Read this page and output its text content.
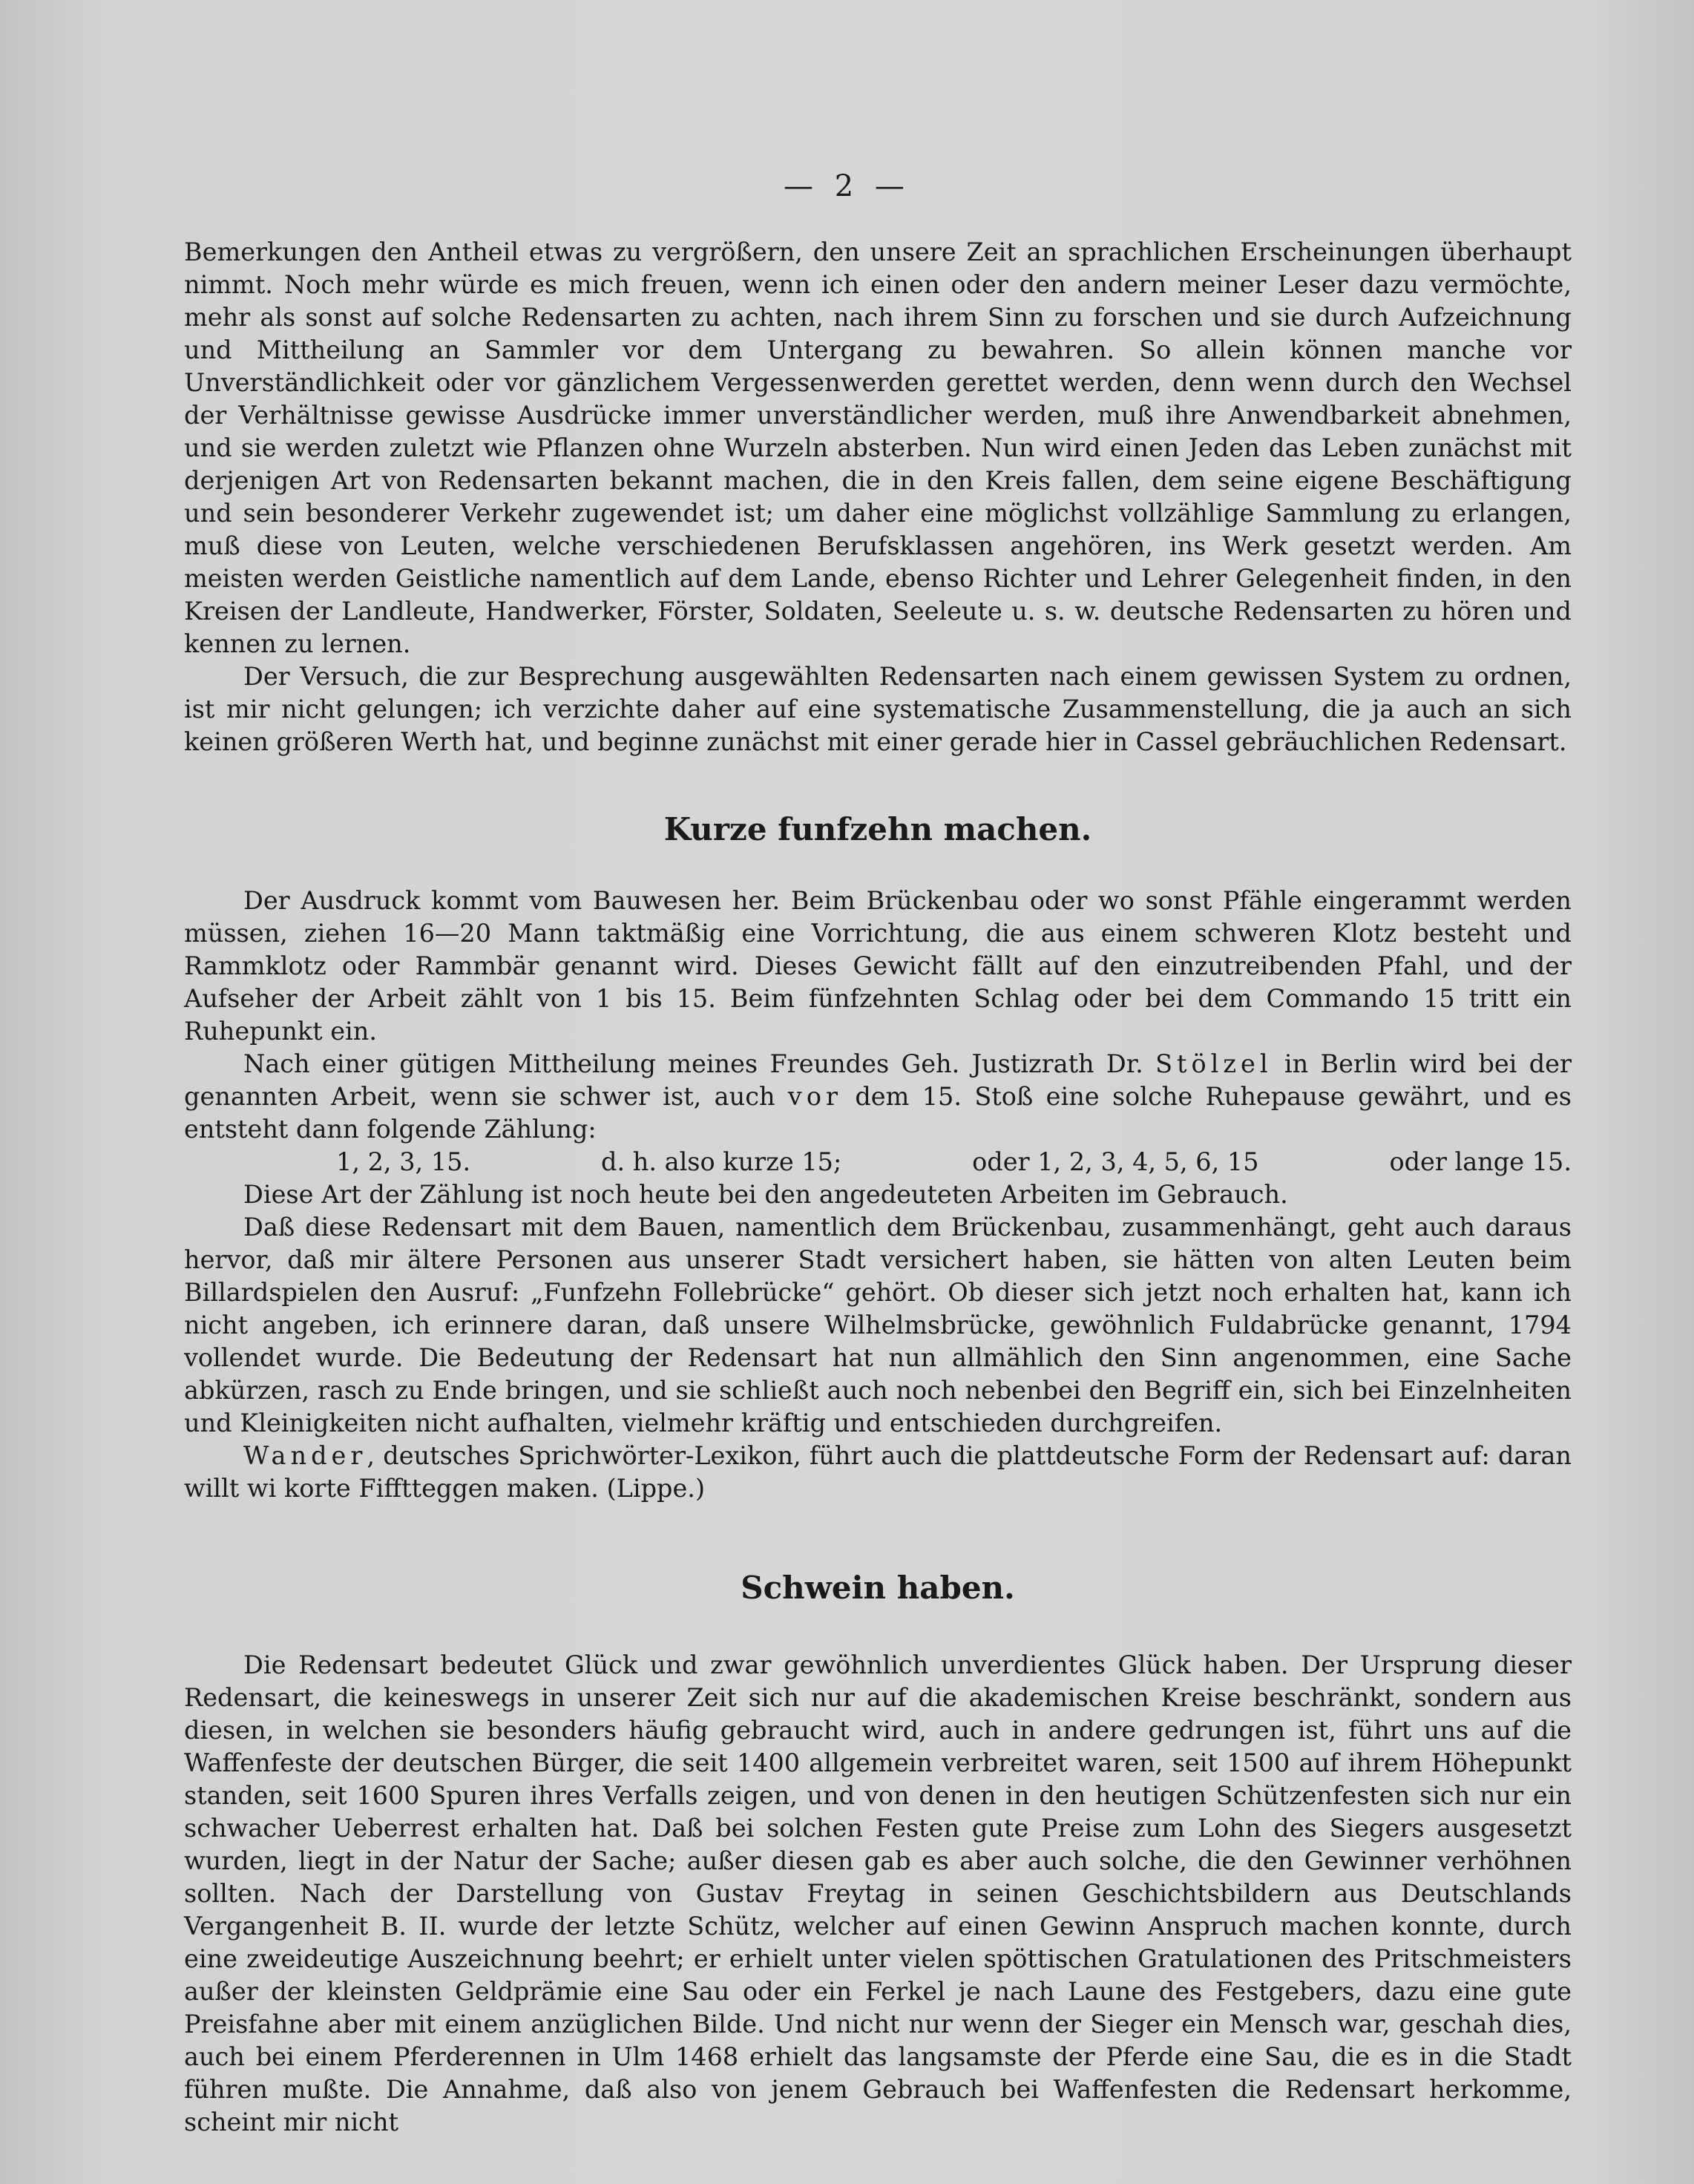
— 2 —

Bemerkungen den Antheil etwas zu vergrößern, den unsere Zeit an sprachlichen Erscheinungen überhaupt nimmt. Noch mehr würde es mich freuen, wenn ich einen oder den andern meiner Leser dazu vermöchte, mehr als sonst auf solche Redensarten zu achten, nach ihrem Sinn zu forschen und sie durch Aufzeichnung und Mittheilung an Sammler vor dem Untergang zu bewahren. So allein können manche vor Unverständlichkeit oder vor gänzlichem Vergessenwerden gerettet werden, denn wenn durch den Wechsel der Verhältnisse gewisse Ausdrücke immer unverständlicher werden, muß ihre Anwendbarkeit abnehmen, und sie werden zuletzt wie Pflanzen ohne Wurzeln absterben. Nun wird einen Jeden das Leben zunächst mit derjenigen Art von Redensarten bekannt machen, die in den Kreis fallen, dem seine eigene Beschäftigung und sein besonderer Verkehr zugewendet ist; um daher eine möglichst vollzählige Sammlung zu erlangen, muß diese von Leuten, welche verschiedenen Berufsklassen angehören, ins Werk gesetzt werden. Am meisten werden Geistliche namentlich auf dem Lande, ebenso Richter und Lehrer Gelegenheit finden, in den Kreisen der Landleute, Handwerker, Förster, Soldaten, Seeleute u. s. w. deutsche Redensarten zu hören und kennen zu lernen.

Der Versuch, die zur Besprechung ausgewählten Redensarten nach einem gewissen System zu ordnen, ist mir nicht gelungen; ich verzichte daher auf eine systematische Zusammenstellung, die ja auch an sich keinen größeren Werth hat, und beginne zunächst mit einer gerade hier in Cassel gebräuchlichen Redensart.

Kurze funfzehn machen.

Der Ausdruck kommt vom Bauwesen her. Beim Brückenbau oder wo sonst Pfähle eingerammt werden müssen, ziehen 16—20 Mann taktmäßig eine Vorrichtung, die aus einem schweren Klotz besteht und Rammklotz oder Rammbär genannt wird. Dieses Gewicht fällt auf den einzutreibenden Pfahl, und der Aufseher der Arbeit zählt von 1 bis 15. Beim fünfzehnten Schlag oder bei dem Commando 15 tritt ein Ruhepunkt ein.

Nach einer gütigen Mittheilung meines Freundes Geh. Justizrath Dr. Stölzel in Berlin wird bei der genannten Arbeit, wenn sie schwer ist, auch vor dem 15. Stoß eine solche Ruhepause gewährt, und es entsteht dann folgende Zählung:

1, 2, 3, 15.	d. h. also kurze 15;	oder 1, 2, 3, 4, 5, 6, 15	oder lange 15.

Diese Art der Zählung ist noch heute bei den angedeuteten Arbeiten im Gebrauch.

Daß diese Redensart mit dem Bauen, namentlich dem Brückenbau, zusammenhängt, geht auch daraus hervor, daß mir ältere Personen aus unserer Stadt versichert haben, sie hätten von alten Leuten beim Billardspielen den Ausruf: „Funfzehn Follebrücke“ gehört. Ob dieser sich jetzt noch erhalten hat, kann ich nicht angeben, ich erinnere daran, daß unsere Wilhelmsbrücke, gewöhnlich Fuldabrücke genannt, 1794 vollendet wurde. Die Bedeutung der Redensart hat nun allmählich den Sinn angenommen, eine Sache abkürzen, rasch zu Ende bringen, und sie schließt auch noch nebenbei den Begriff ein, sich bei Einzelnheiten und Kleinigkeiten nicht aufhalten, vielmehr kräftig und entschieden durchgreifen.

Wander, deutsches Sprichwörter-Lexikon, führt auch die plattdeutsche Form der Redensart auf: daran willt wi korte Fifftteggen maken. (Lippe.)

Schwein haben.

Die Redensart bedeutet Glück und zwar gewöhnlich unverdientes Glück haben. Der Ursprung dieser Redensart, die keineswegs in unserer Zeit sich nur auf die akademischen Kreise beschränkt, sondern aus diesen, in welchen sie besonders häufig gebraucht wird, auch in andere gedrungen ist, führt uns auf die Waffenfeste der deutschen Bürger, die seit 1400 allgemein verbreitet waren, seit 1500 auf ihrem Höhepunkt standen, seit 1600 Spuren ihres Verfalls zeigen, und von denen in den heutigen Schützenfesten sich nur ein schwacher Ueberrest erhalten hat. Daß bei solchen Festen gute Preise zum Lohn des Siegers ausgesetzt wurden, liegt in der Natur der Sache; außer diesen gab es aber auch solche, die den Gewinner verhöhnen sollten. Nach der Darstellung von Gustav Freytag in seinen Geschichtsbildern aus Deutschlands Vergangenheit B. II. wurde der letzte Schütz, welcher auf einen Gewinn Anspruch machen konnte, durch eine zweideutige Auszeichnung beehrt; er erhielt unter vielen spöttischen Gratulationen des Pritschmeisters außer der kleinsten Geldprämie eine Sau oder ein Ferkel je nach Laune des Festgebers, dazu eine gute Preisfahne aber mit einem anzüglichen Bilde. Und nicht nur wenn der Sieger ein Mensch war, geschah dies, auch bei einem Pferderennen in Ulm 1468 erhielt das langsamste der Pferde eine Sau, die es in die Stadt führen mußte. Die Annahme, daß also von jenem Gebrauch bei Waffenfesten die Redensart herkomme, scheint mir nicht
